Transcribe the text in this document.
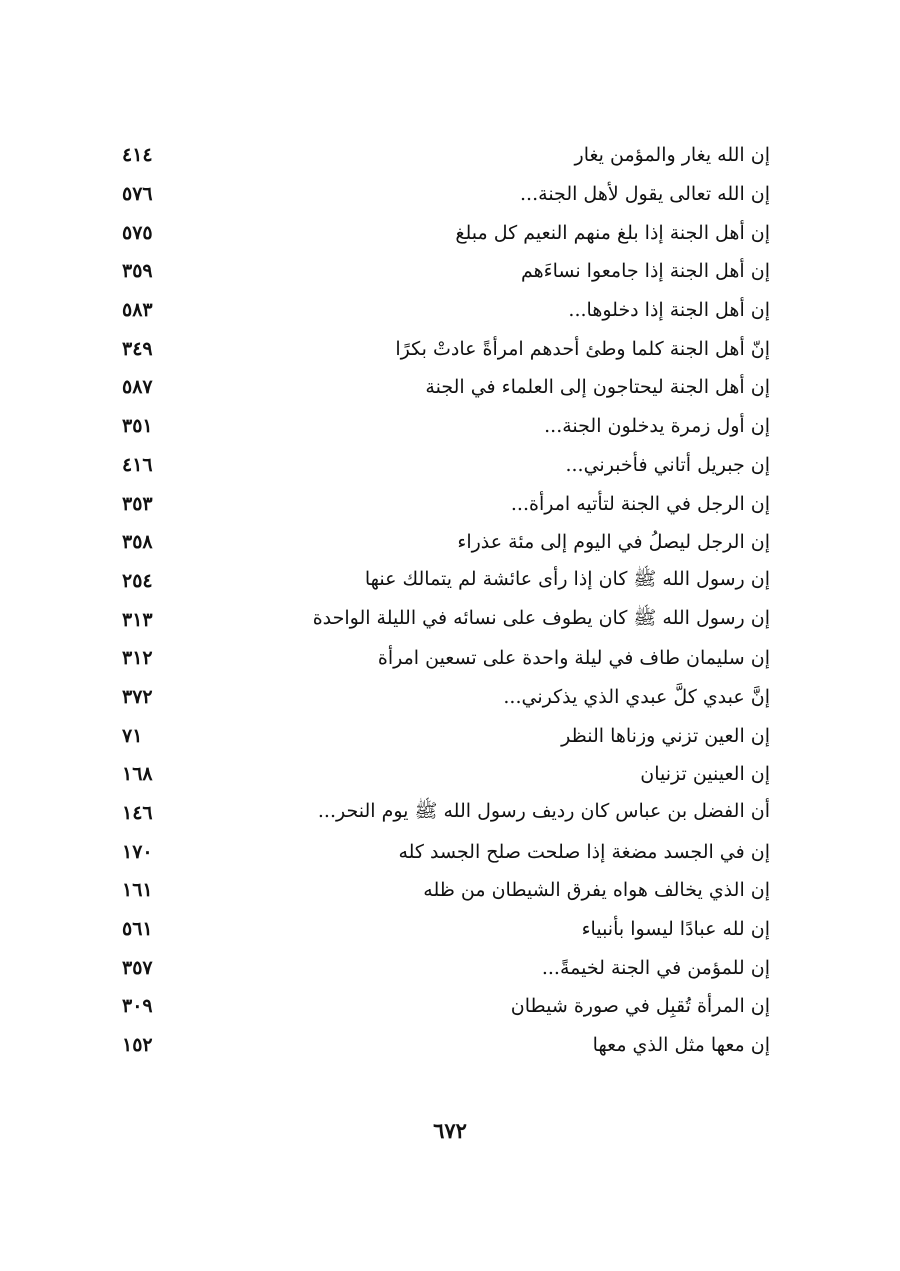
إن الله يغار والمؤمن يغار
٤١٤
إن الله تعالى يقول لأهل الجنة...
٥٧٦
إن أهل الجنة إذا بلغ منهم النعيم كل مبلغ
٥٧٥
إن أهل الجنة إذا جامعوا نساءَهم
٣٥٩
إن أهل الجنة إذا دخلوها...
٥٨٣
إنّ أهل الجنة كلما وطئ أحدهم امرأةً عادتْ بكرًا
٣٤٩
إن أهل الجنة ليحتاجون إلى العلماء في الجنة
٥٨٧
إن أول زمرة يدخلون الجنة...
٣٥١
إن جبريل أتاني فأخبرني...
٤١٦
إن الرجل في الجنة لتأتيه امرأة...
٣٥٣
إن الرجل ليصلُ في اليوم إلى مئة عذراء
٣٥٨
إن رسول الله ﷺ كان إذا رأى عائشة لم يتمالك عنها
٢٥٤
إن رسول الله ﷺ كان يطوف على نسائه في الليلة الواحدة
٣١٣
إن سليمان طاف في ليلة واحدة على تسعين امرأة
٣١٢
إنَّ عبدي كلَّ عبدي الذي يذكرني...
٣٧٢
إن العين تزني وزناها النظر
٧١
إن العينين تزنيان
١٦٨
أن الفضل بن عباس كان رديف رسول الله ﷺ يوم النحر...
١٤٦
إن في الجسد مضغة إذا صلحت صلح الجسد كله
١٧٠
إن الذي يخالف هواه يفرق الشيطان من ظله
١٦١
إن لله عبادًا ليسوا بأنبياء
٥٦١
إن للمؤمن في الجنة لخيمةً...
٣٥٧
إن المرأة تُقبِل في صورة شيطان
٣٠٩
إن معها مثل الذي معها
١٥٢
٦٧٢
